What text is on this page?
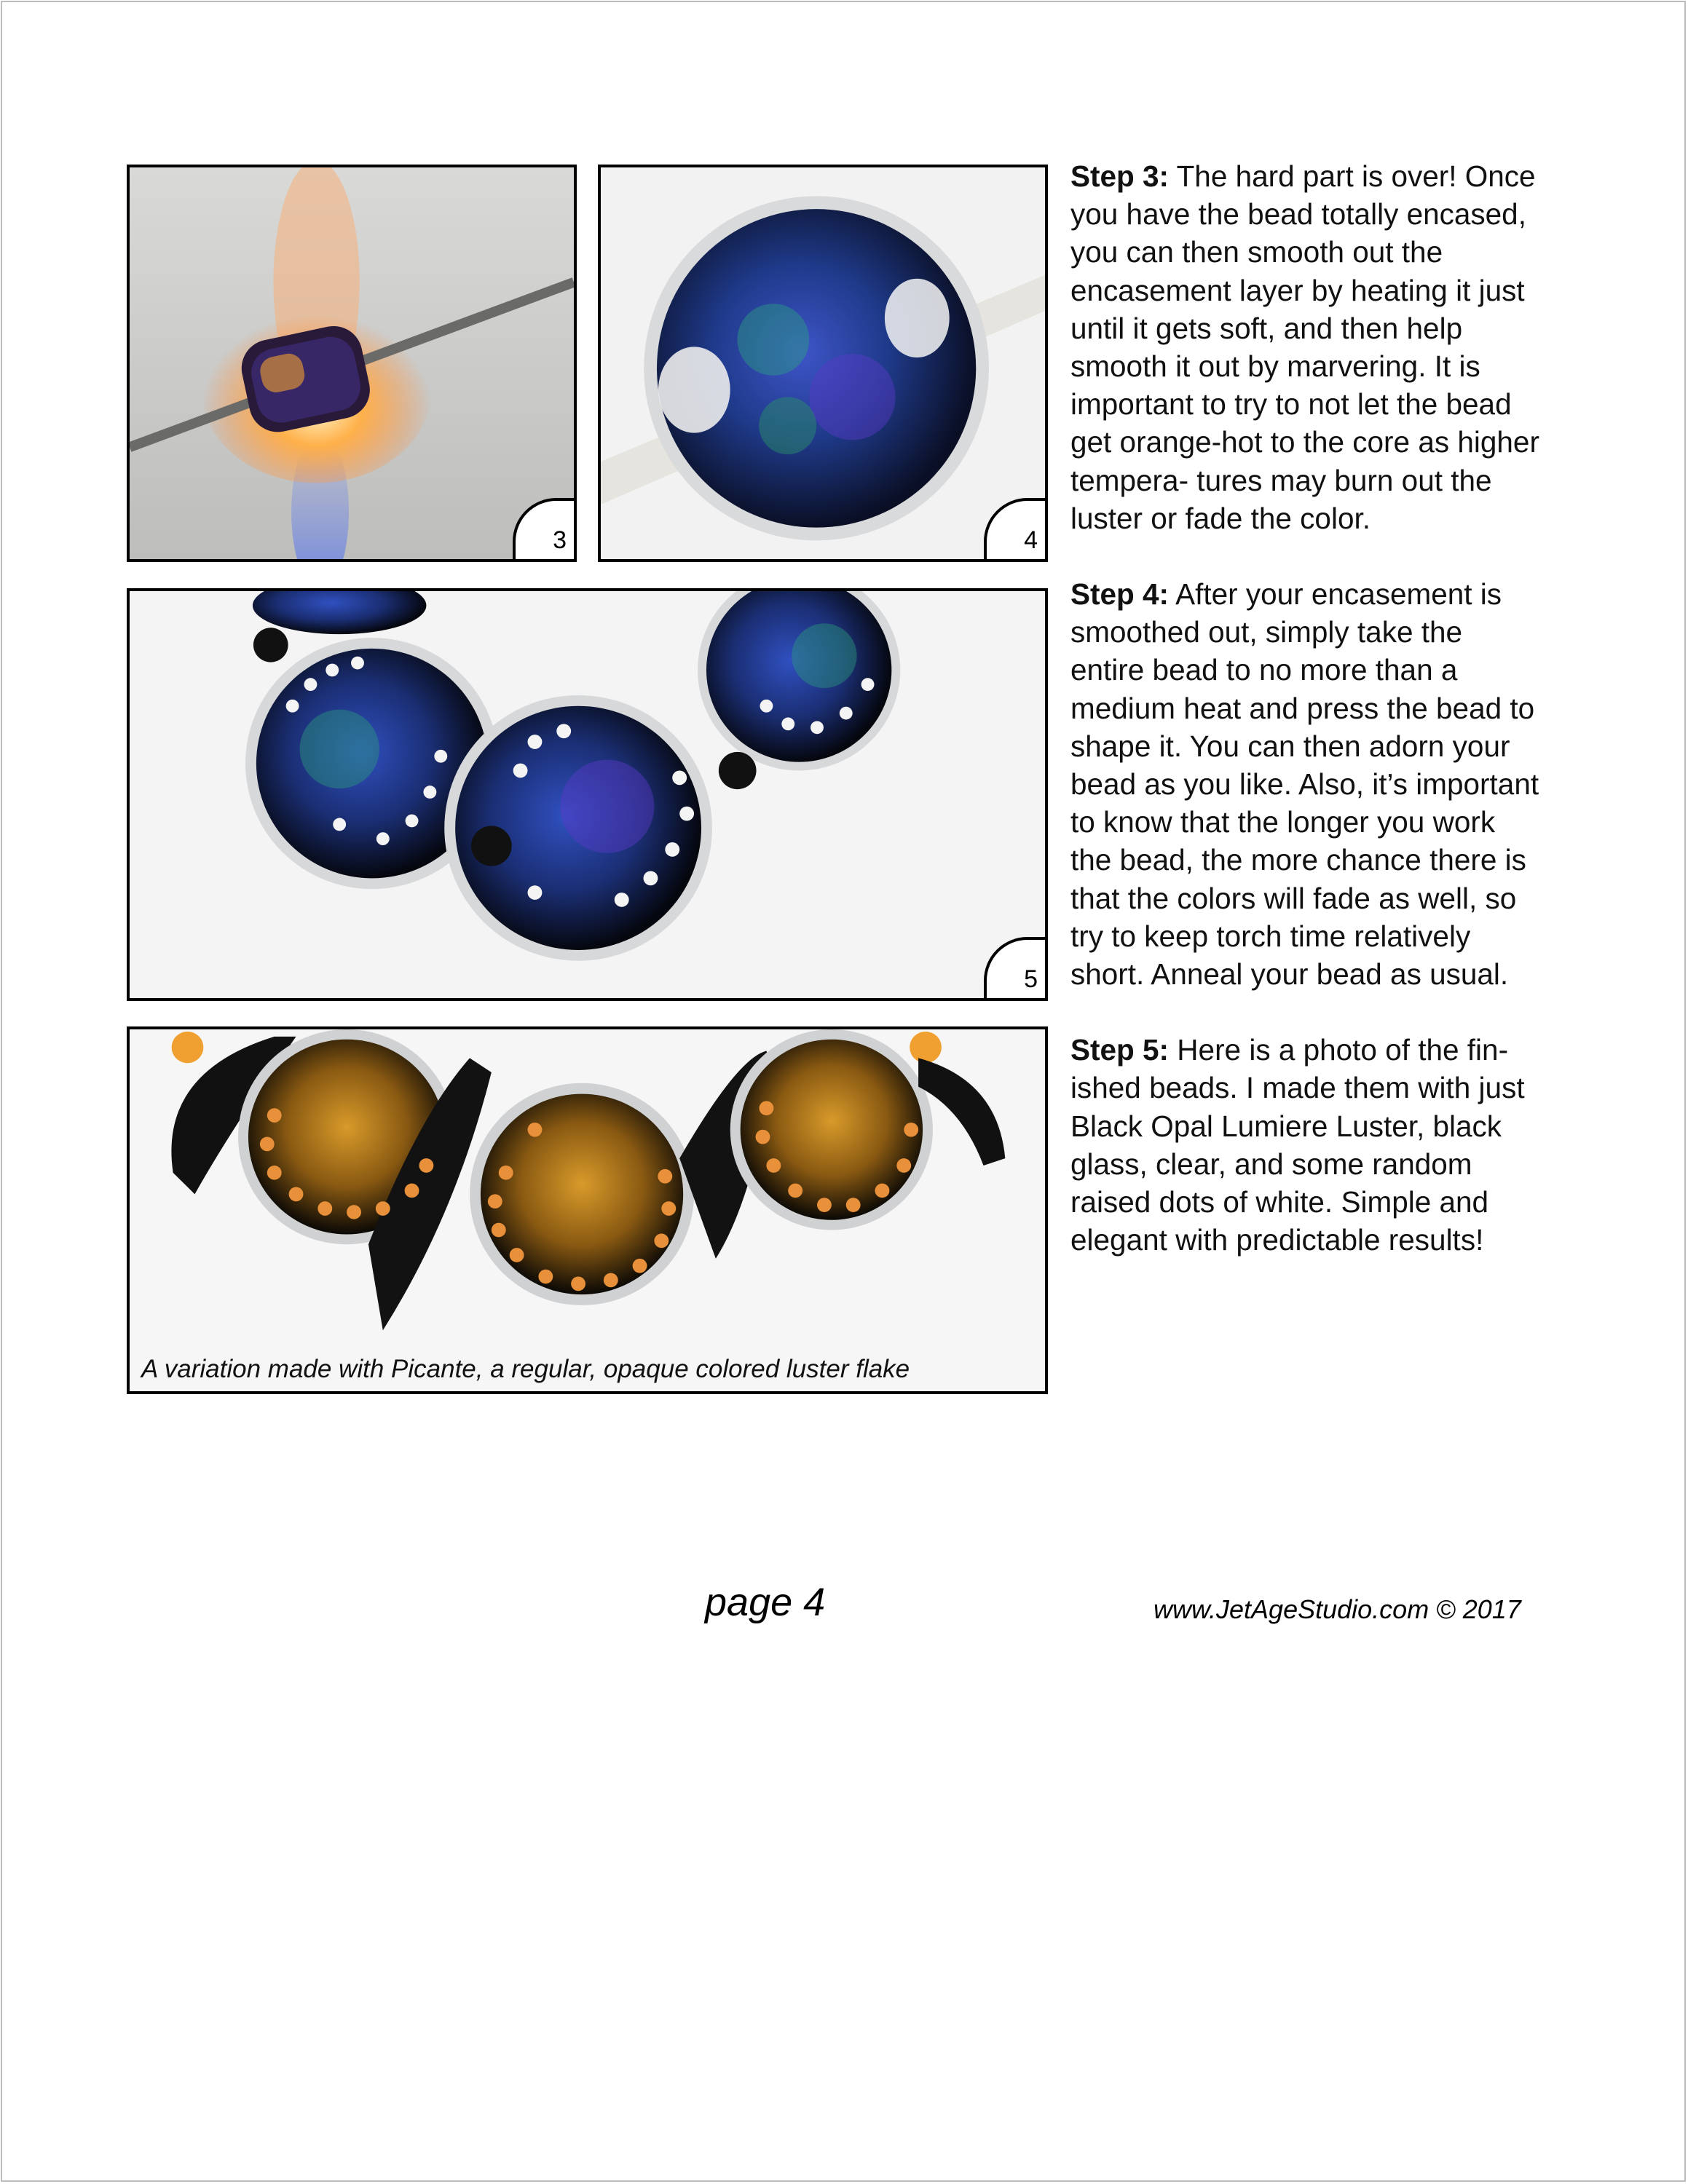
3	4
5
A variation made with Picante, a regular, opaque colored luster flake

Step 3: The hard part is over! Once you have the bead totally encased, you can then smooth out the encasement layer by heating it just until it gets soft, and then help smooth it out by marvering. It is important to try to not let the bead get orange-hot to the core as higher tempera- tures may burn out the luster or fade the color.

Step 4: After your encasement is smoothed out, simply take the entire bead to no more than a medium heat and press the bead to shape it. You can then adorn your bead as you like. Also, it’s important to know that the longer you work the bead, the more chance there is that the colors will fade as well, so try to keep torch time relatively short. Anneal your bead as usual.

Step 5: Here is a photo of the fin- ished beads. I made them with just Black Opal Lumiere Luster, black glass, clear, and some random raised dots of white. Simple and elegant with predictable results!

page 4	www.JetAgeStudio.com © 2017
